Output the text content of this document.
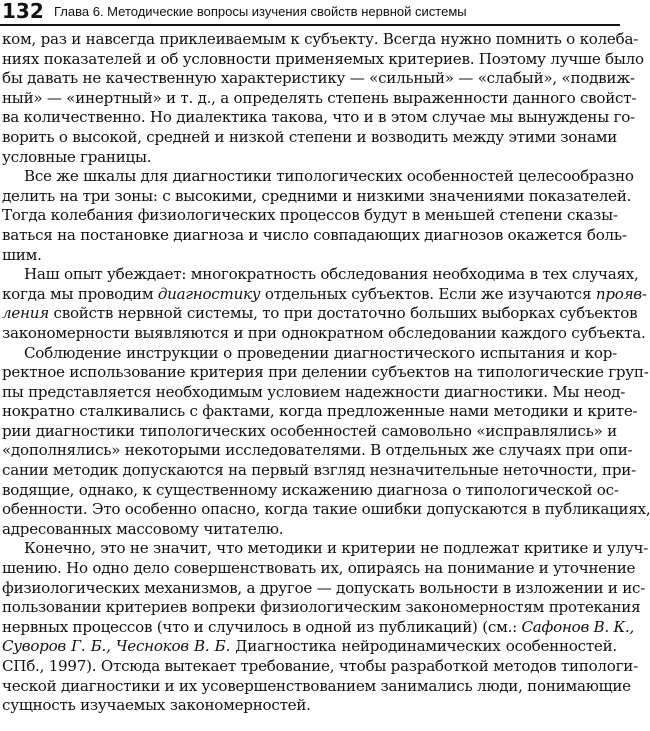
132 Глава 6. Методические вопросы изучения свойств нервной системы
ком, раз и навсегда приклеиваемым к субъекту. Всегда нужно помнить о колеба-
ниях показателей и об условности применяемых критериев. Поэтому лучше было
бы давать не качественную характеристику — «сильный» — «слабый», «подвиж-
ный» — «инертный» и т. д., а определять степень выраженности данного свойст-
ва количественно. Но диалектика такова, что и в этом случае мы вынуждены го-
ворить о высокой, средней и низкой степени и возводить между этими зонами
условные границы.
Все же шкалы для диагностики типологических особенностей целесообразно
делить на три зоны: с высокими, средними и низкими значениями показателей.
Тогда колебания физиологических процессов будут в меньшей степени сказы-
ваться на постановке диагноза и число совпадающих диагнозов окажется боль-
шим.
Наш опыт убеждает: многократность обследования необходима в тех случаях,
когда мы проводим диагностику отдельных субъектов. Если же изучаются прояв-
ления свойств нервной системы, то при достаточно больших выборках субъектов
закономерности выявляются и при однократном обследовании каждого субъекта.
Соблюдение инструкции о проведении диагностического испытания и кор-
ректное использование критерия при делении субъектов на типологические груп-
пы представляется необходимым условием надежности диагностики. Мы неод-
нократно сталкивались с фактами, когда предложенные нами методики и крите-
рии диагностики типологических особенностей самовольно «исправлялись» и
«дополнялись» некоторыми исследователями. В отдельных же случаях при опи-
сании методик допускаются на первый взгляд незначительные неточности, при-
водящие, однако, к существенному искажению диагноза о типологической ос-
обенности. Это особенно опасно, когда такие ошибки допускаются в публикациях,
адресованных массовому читателю.
Конечно, это не значит, что методики и критерии не подлежат критике и улуч-
шению. Но одно дело совершенствовать их, опираясь на понимание и уточнение
физиологических механизмов, а другое — допускать вольности в изложении и ис-
пользовании критериев вопреки физиологическим закономерностям протекания
нервных процессов (что и случилось в одной из публикаций) (см.: Сафонов В. К.,
Суворов Г. Б., Чесноков В. Б. Диагностика нейродинамических особенностей.
СПб., 1997). Отсюда вытекает требование, чтобы разработкой методов типологи-
ческой диагностики и их усовершенствованием занимались люди, понимающие
сущность изучаемых закономерностей.
